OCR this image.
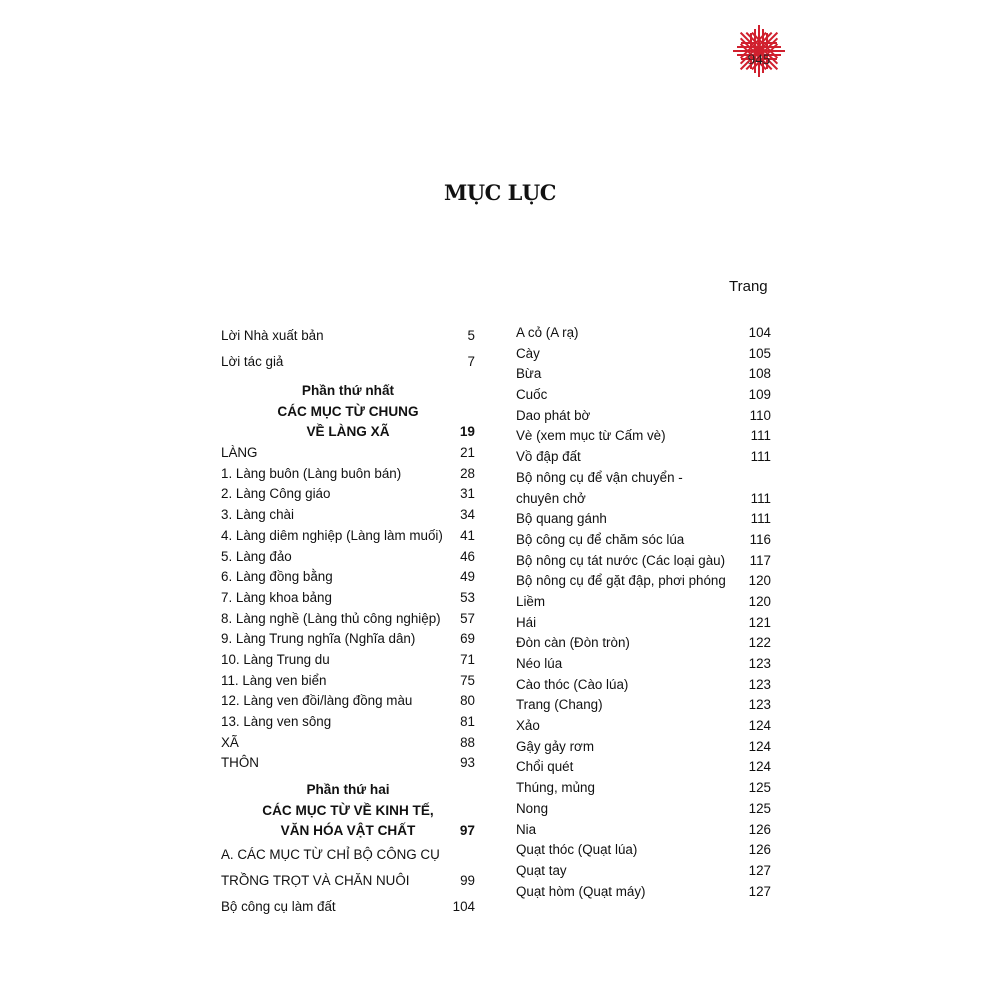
945
MỤC LỤC
Trang
Lời Nhà xuất bản	5
Lời tác giả	7
Phần thứ nhất
CÁC MỤC TỪ CHUNG
VỀ LÀNG XÃ	19
LÀNG	21
1. Làng buôn (Làng buôn bán)	28
2. Làng Công giáo	31
3. Làng chài	34
4. Làng diêm nghiệp (Làng làm muối) 41
5. Làng đảo	46
6. Làng đồng bằng	49
7. Làng khoa bảng	53
8. Làng nghề (Làng thủ công nghiệp) 57
9. Làng Trung nghĩa (Nghĩa dân)	69
10. Làng Trung du	71
11. Làng ven biển	75
12. Làng ven đồi/làng đồng màu	80
13. Làng ven sông	81
XÃ	88
THÔN	93
Phần thứ hai
CÁC MỤC TỪ VỀ KINH TẾ,
VĂN HÓA VẬT CHẤT	97
A. CÁC MỤC TỪ CHỈ BỘ CÔNG CỤ
TRỒNG TRỌT VÀ CHĂN NUÔI	99
Bộ công cụ làm đất	104
A cỏ (A rạ)	104
Cày	105
Bừa	108
Cuốc	109
Dao phát bờ	110
Vè (xem mục từ Cấm vè)	111
Vồ đập đất	111
Bộ nông cụ để vận chuyển -
chuyên chở	111
Bộ quang gánh	111
Bộ công cụ để chăm sóc lúa	116
Bộ nông cụ tát nước (Các loại gàu) 117
Bộ nông cụ để gặt đập, phơi phóng 120
Liềm	120
Hái	121
Đòn càn (Đòn tròn)	122
Néo lúa	123
Cào thóc (Cào lúa)	123
Trang (Chang)	123
Xảo	124
Gậy gảy rơm	124
Chổi quét	124
Thúng, mủng	125
Nong	125
Nia	126
Quạt thóc (Quạt lúa)	126
Quạt tay	127
Quạt hòm (Quạt máy)	127
